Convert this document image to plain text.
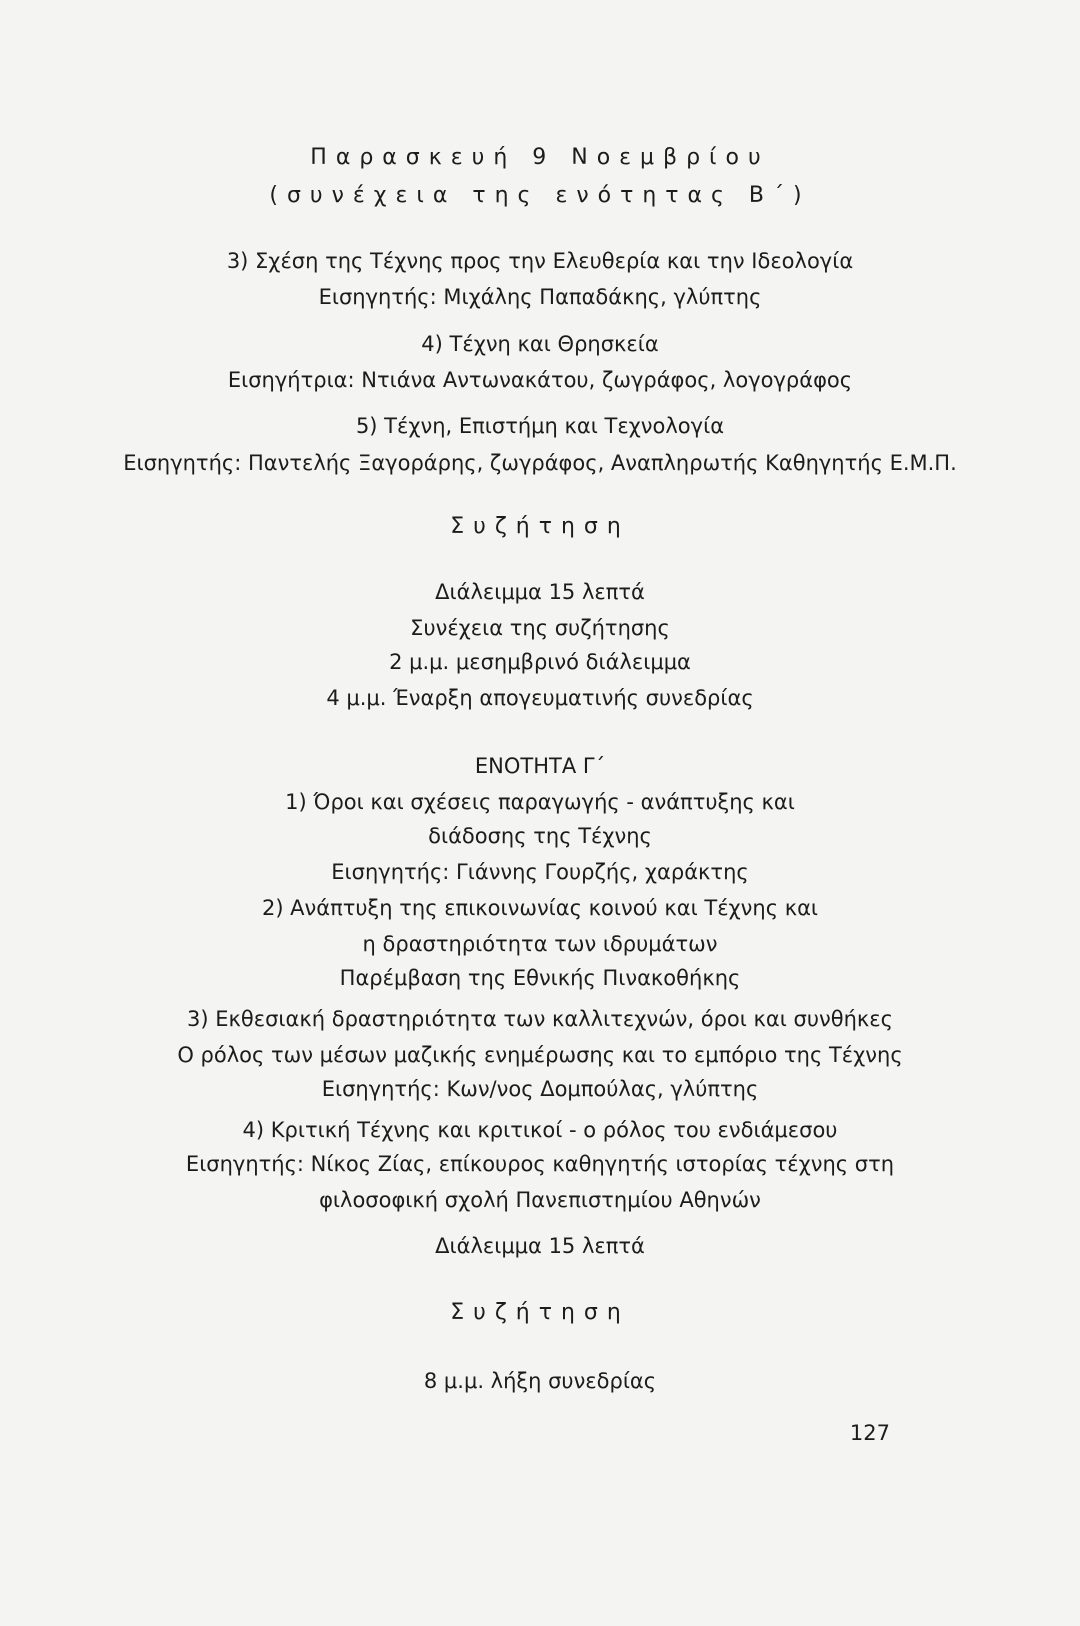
Παρασκευή 9 Νοεμβρίου
(συνέχεια της ενότητας Β΄)
3) Σχέση της Τέχνης προς την Ελευθερία και την Ιδεολογία
Εισηγητής: Μιχάλης Παπαδάκης, γλύπτης
4) Τέχνη και Θρησκεία
Εισηγήτρια: Ντιάνα Αντωνακάτου, ζωγράφος, λογογράφος
5) Τέχνη, Επιστήμη και Τεχνολογία
Εισηγητής: Παντελής Ξαγοράρης, ζωγράφος, Αναπληρωτής Καθηγητής Ε.Μ.Π.
Συζήτηση
Διάλειμμα 15 λεπτά
Συνέχεια της συζήτησης
2 μ.μ. μεσημβρινό διάλειμμα
4 μ.μ. Έναρξη απογευματινής συνεδρίας
ΕΝΟΤΗΤΑ Γ΄
1) Όροι και σχέσεις παραγωγής - ανάπτυξης και
διάδοσης της Τέχνης
Εισηγητής: Γιάννης Γουρζής, χαράκτης
2) Ανάπτυξη της επικοινωνίας κοινού και Τέχνης και
η δραστηριότητα των ιδρυμάτων
Παρέμβαση της Εθνικής Πινακοθήκης
3) Εκθεσιακή δραστηριότητα των καλλιτεχνών, όροι και συνθήκες
Ο ρόλος των μέσων μαζικής ενημέρωσης και το εμπόριο της Τέχνης
Εισηγητής: Κων/νος Δομπούλας, γλύπτης
4) Κριτική Τέχνης και κριτικοί - ο ρόλος του ενδιάμεσου
Εισηγητής: Νίκος Ζίας, επίκουρος καθηγητής ιστορίας τέχνης στη
φιλοσοφική σχολή Πανεπιστημίου Αθηνών
Διάλειμμα 15 λεπτά
Συζήτηση
8 μ.μ. λήξη συνεδρίας
127
